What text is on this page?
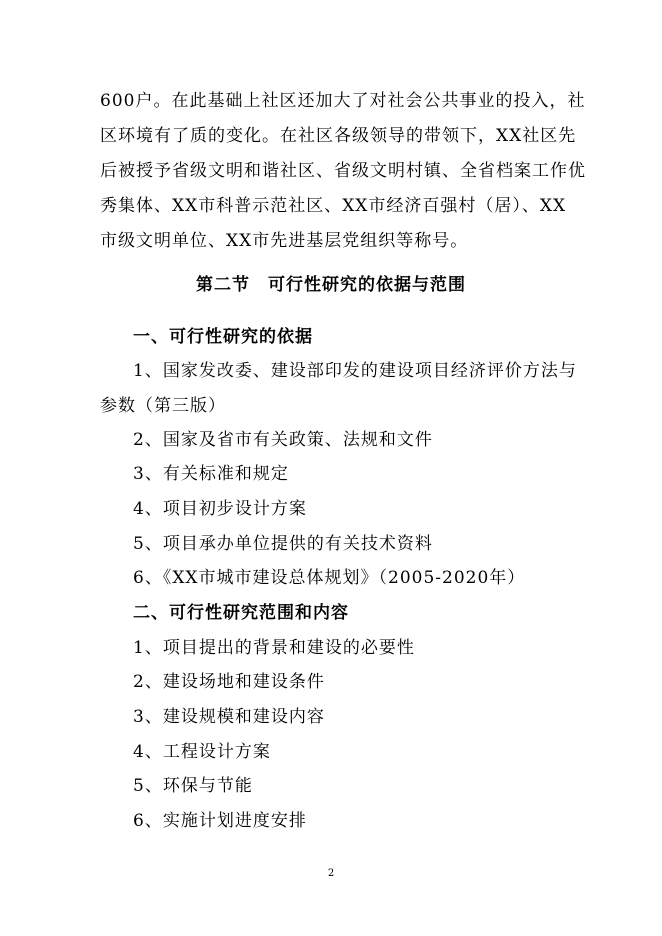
600户。在此基础上社区还加大了对社会公共事业的投入，社
区环境有了质的变化。在社区各级领导的带领下，XX社区先
后被授予省级文明和谐社区、省级文明村镇、全省档案工作优
秀集体、XX市科普示范社区、XX市经济百强村（居）、XX
市级文明单位、XX市先进基层党组织等称号。
第二节　可行性研究的依据与范围
一、可行性研究的依据
1、国家发改委、建设部印发的建设项目经济评价方法与
参数（第三版）

2、国家及省市有关政策、法规和文件

3、有关标准和规定

4、项目初步设计方案

5、项目承办单位提供的有关技术资料

6、《XX市城市建设总体规划》（2005-2020年）

二、可行性研究范围和内容

1、项目提出的背景和建设的必要性

2、建设场地和建设条件

3、建设规模和建设内容

4、工程设计方案

5、环保与节能

6、实施计划进度安排

2
